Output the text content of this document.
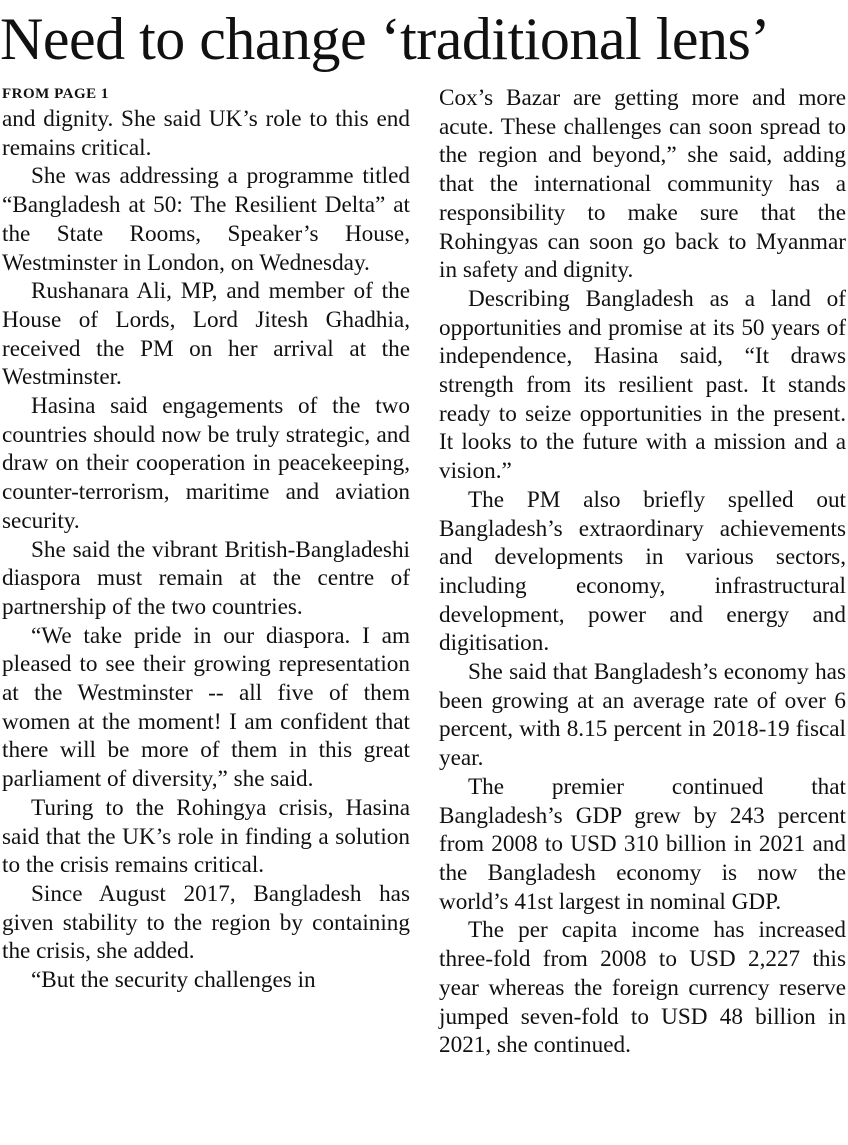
Need to change ‘traditional lens’
FROM PAGE 1

and dignity. She said UK’s role to this end remains critical.

She was addressing a programme titled “Bangladesh at 50: The Resilient Delta” at the State Rooms, Speaker’s House, Westminster in London, on Wednesday.

Rushanara Ali, MP, and member of the House of Lords, Lord Jitesh Ghadhia, received the PM on her arrival at the Westminster.

Hasina said engagements of the two countries should now be truly strategic, and draw on their cooperation in peacekeeping, counter-terrorism, maritime and aviation security.

She said the vibrant British-Bangladeshi diaspora must remain at the centre of partnership of the two countries.

“We take pride in our diaspora. I am pleased to see their growing representation at the Westminster -- all five of them women at the moment! I am confident that there will be more of them in this great parliament of diversity,” she said.

Turing to the Rohingya crisis, Hasina said that the UK’s role in finding a solution to the crisis remains critical.

Since August 2017, Bangladesh has given stability to the region by containing the crisis, she added.

“But the security challenges in

Cox’s Bazar are getting more and more acute. These challenges can soon spread to the region and beyond,” she said, adding that the international community has a responsibility to make sure that the Rohingyas can soon go back to Myanmar in safety and dignity.

Describing Bangladesh as a land of opportunities and promise at its 50 years of independence, Hasina said, “It draws strength from its resilient past. It stands ready to seize opportunities in the present. It looks to the future with a mission and a vision.”

The PM also briefly spelled out Bangladesh’s extraordinary achievements and developments in various sectors, including economy, infrastructural development, power and energy and digitisation.

She said that Bangladesh’s economy has been growing at an average rate of over 6 percent, with 8.15 percent in 2018-19 fiscal year.

The premier continued that Bangladesh’s GDP grew by 243 percent from 2008 to USD 310 billion in 2021 and the Bangladesh economy is now the world’s 41st largest in nominal GDP.

The per capita income has increased three-fold from 2008 to USD 2,227 this year whereas the foreign currency reserve jumped seven-fold to USD 48 billion in 2021, she continued.
